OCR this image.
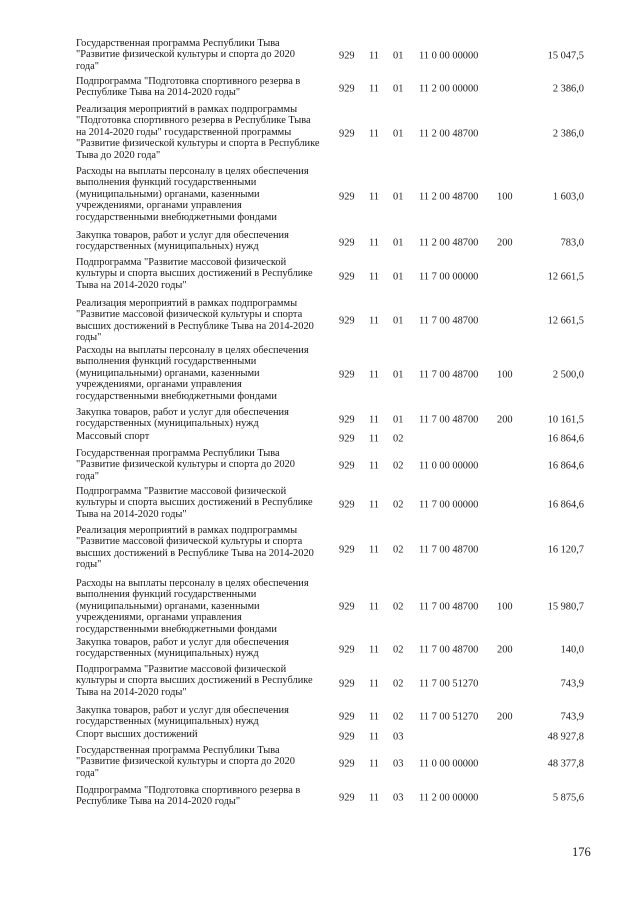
Государственная программа Республики Тыва
"Развитие физической культуры и спорта до 2020
года"
929 11 01 11 0 00 00000	15 047,5
Подпрограмма "Подготовка спортивного резерва в
Республике Тыва на 2014-2020 годы"	929 11 01 11 2 00 00000	2 386,0
Реализация мероприятий в рамках подпрограммы
"Подготовка спортивного резерва в Республике Тыва
на 2014-2020 годы" государственной программы
"Развитие физической культуры и спорта в Республике
Тыва до 2020 года"
929 11 01 11 2 00 48700	2 386,0
Расходы на выплаты персоналу в целях обеспечения
выполнения функций государственными
(муниципальными) органами, казенными
учреждениями, органами управления
государственными внебюджетными фондами
929 11 01 11 2 00 48700 100	1 603,0
Закупка товаров, работ и услуг для обеспечения
государственных (муниципальных) нужд	929 11 01 11 2 00 48700 200	783,0
Подпрограмма "Развитие массовой физической
культуры и спорта высших достижений в Республике
Тыва на 2014-2020 годы"
929 11 01 11 7 00 00000	12 661,5
Реализация мероприятий в рамках подпрограммы
"Развитие массовой физической культуры и спорта
высших достижений в Республике Тыва на 2014-2020
годы"
929 11 01 11 7 00 48700	12 661,5
Расходы на выплаты персоналу в целях обеспечения
выполнения функций государственными
(муниципальными) органами, казенными
учреждениями, органами управления
государственными внебюджетными фондами
929 11 01 11 7 00 48700 100	2 500,0
Закупка товаров, работ и услуг для обеспечения
государственных (муниципальных) нужд	929 11 01 11 7 00 48700 200	10 161,5
Массовый спорт	929 11 02	16 864,6
Государственная программа Республики Тыва
"Развитие физической культуры и спорта до 2020
года"
929 11 02 11 0 00 00000	16 864,6
Подпрограмма "Развитие массовой физической
культуры и спорта высших достижений в Республике
Тыва на 2014-2020 годы"
929 11 02 11 7 00 00000	16 864,6
Реализация мероприятий в рамках подпрограммы
"Развитие массовой физической культуры и спорта
высших достижений в Республике Тыва на 2014-2020
годы"
929 11 02 11 7 00 48700	16 120,7
Расходы на выплаты персоналу в целях обеспечения
выполнения функций государственными
(муниципальными) органами, казенными
учреждениями, органами управления
государственными внебюджетными фондами
929 11 02 11 7 00 48700 100	15 980,7
Закупка товаров, работ и услуг для обеспечения
государственных (муниципальных) нужд	929 11 02 11 7 00 48700 200	140,0
Подпрограмма "Развитие массовой физической
культуры и спорта высших достижений в Республике
Тыва на 2014-2020 годы"
929 11 02 11 7 00 51270	743,9
Закупка товаров, работ и услуг для обеспечения
государственных (муниципальных) нужд	929 11 02 11 7 00 51270 200	743,9
Спорт высших достижений	929 11 03	48 927,8
Государственная программа Республики Тыва
"Развитие физической культуры и спорта до 2020
года"
929 11 03 11 0 00 00000	48 377,8
Подпрограмма "Подготовка спортивного резерва в
Республике Тыва на 2014-2020 годы"	929 11 03 11 2 00 00000	5 875,6
176
